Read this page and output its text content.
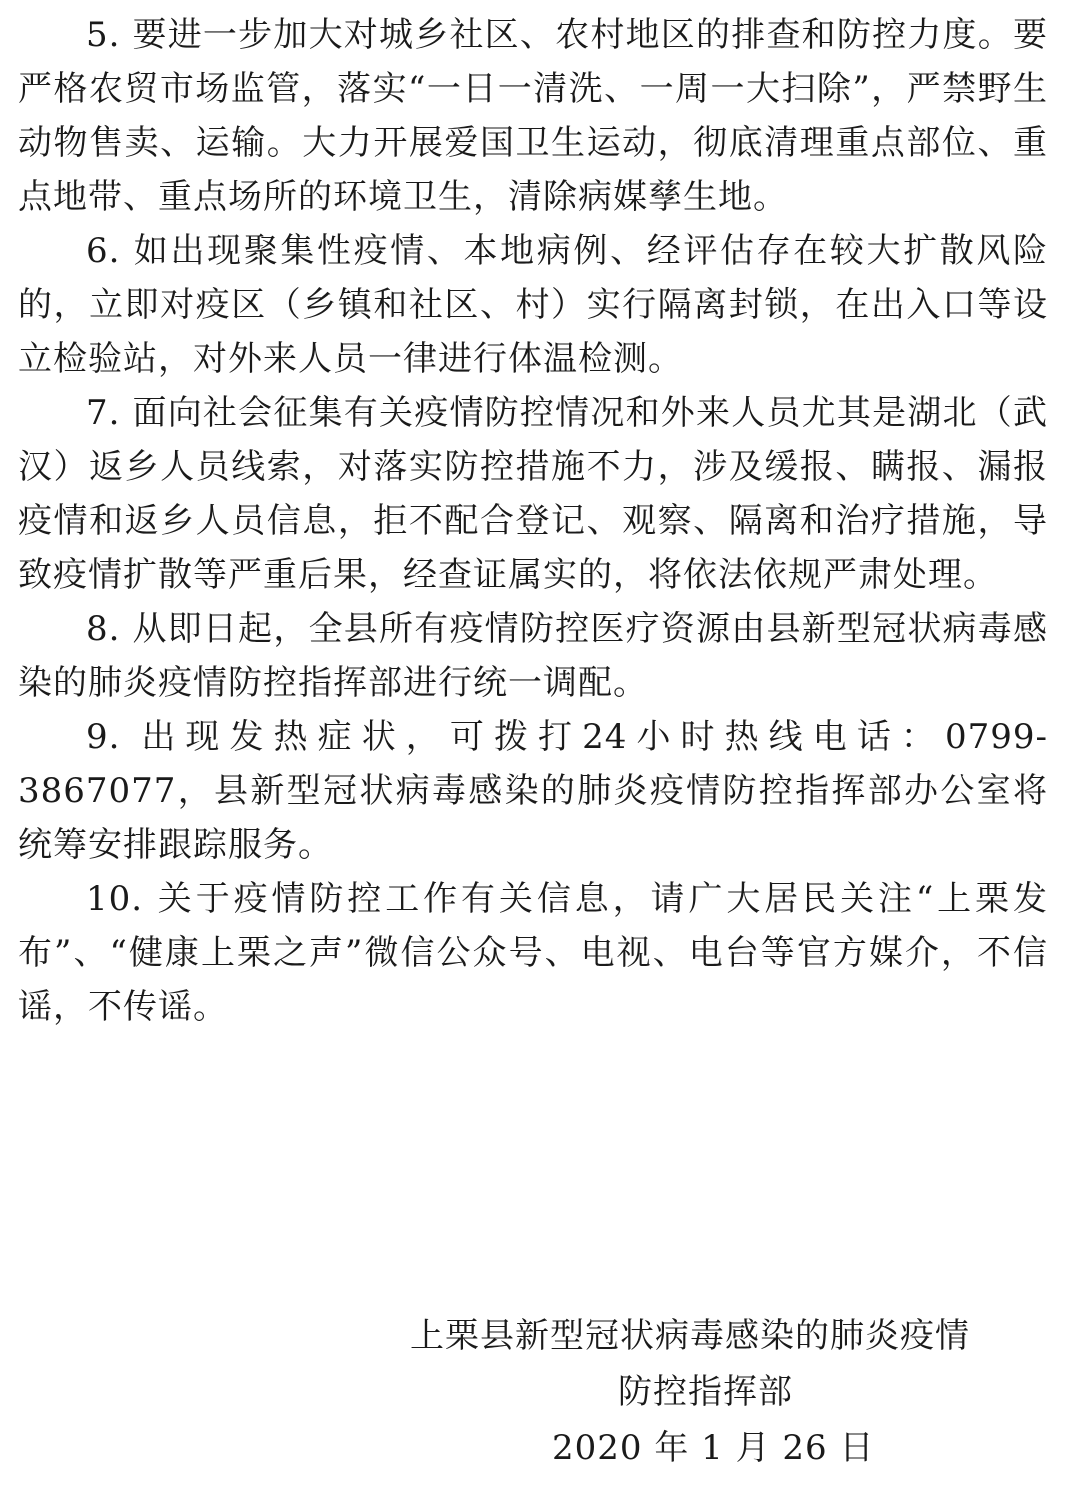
5. 要进一步加大对城乡社区、农村地区的排查和防控力度。要严格农贸市场监管，落实“一日一清洗、一周一大扫除”，严禁野生动物售卖、运输。大力开展爱国卫生运动，彻底清理重点部位、重点地带、重点场所的环境卫生，清除病媒孳生地。

6. 如出现聚集性疫情、本地病例、经评估存在较大扩散风险的，立即对疫区（乡镇和社区、村）实行隔离封锁，在出入口等设立检验站，对外来人员一律进行体温检测。

7. 面向社会征集有关疫情防控情况和外来人员尤其是湖北（武汉）返乡人员线索，对落实防控措施不力，涉及缓报、瞒报、漏报疫情和返乡人员信息，拒不配合登记、观察、隔离和治疗措施，导致疫情扩散等严重后果，经查证属实的，将依法依规严肃处理。

8. 从即日起，全县所有疫情防控医疗资源由县新型冠状病毒感染的肺炎疫情防控指挥部进行统一调配。

9. 出现发热症状，可拨打24小时热线电话：0799-3867077，县新型冠状病毒感染的肺炎疫情防控指挥部办公室将统筹安排跟踪服务。

10. 关于疫情防控工作有关信息，请广大居民关注“上栗发布”、“健康上栗之声”微信公众号、电视、电台等官方媒介，不信谣，不传谣。

上栗县新型冠状病毒感染的肺炎疫情
防控指挥部
2020 年 1 月 26 日
